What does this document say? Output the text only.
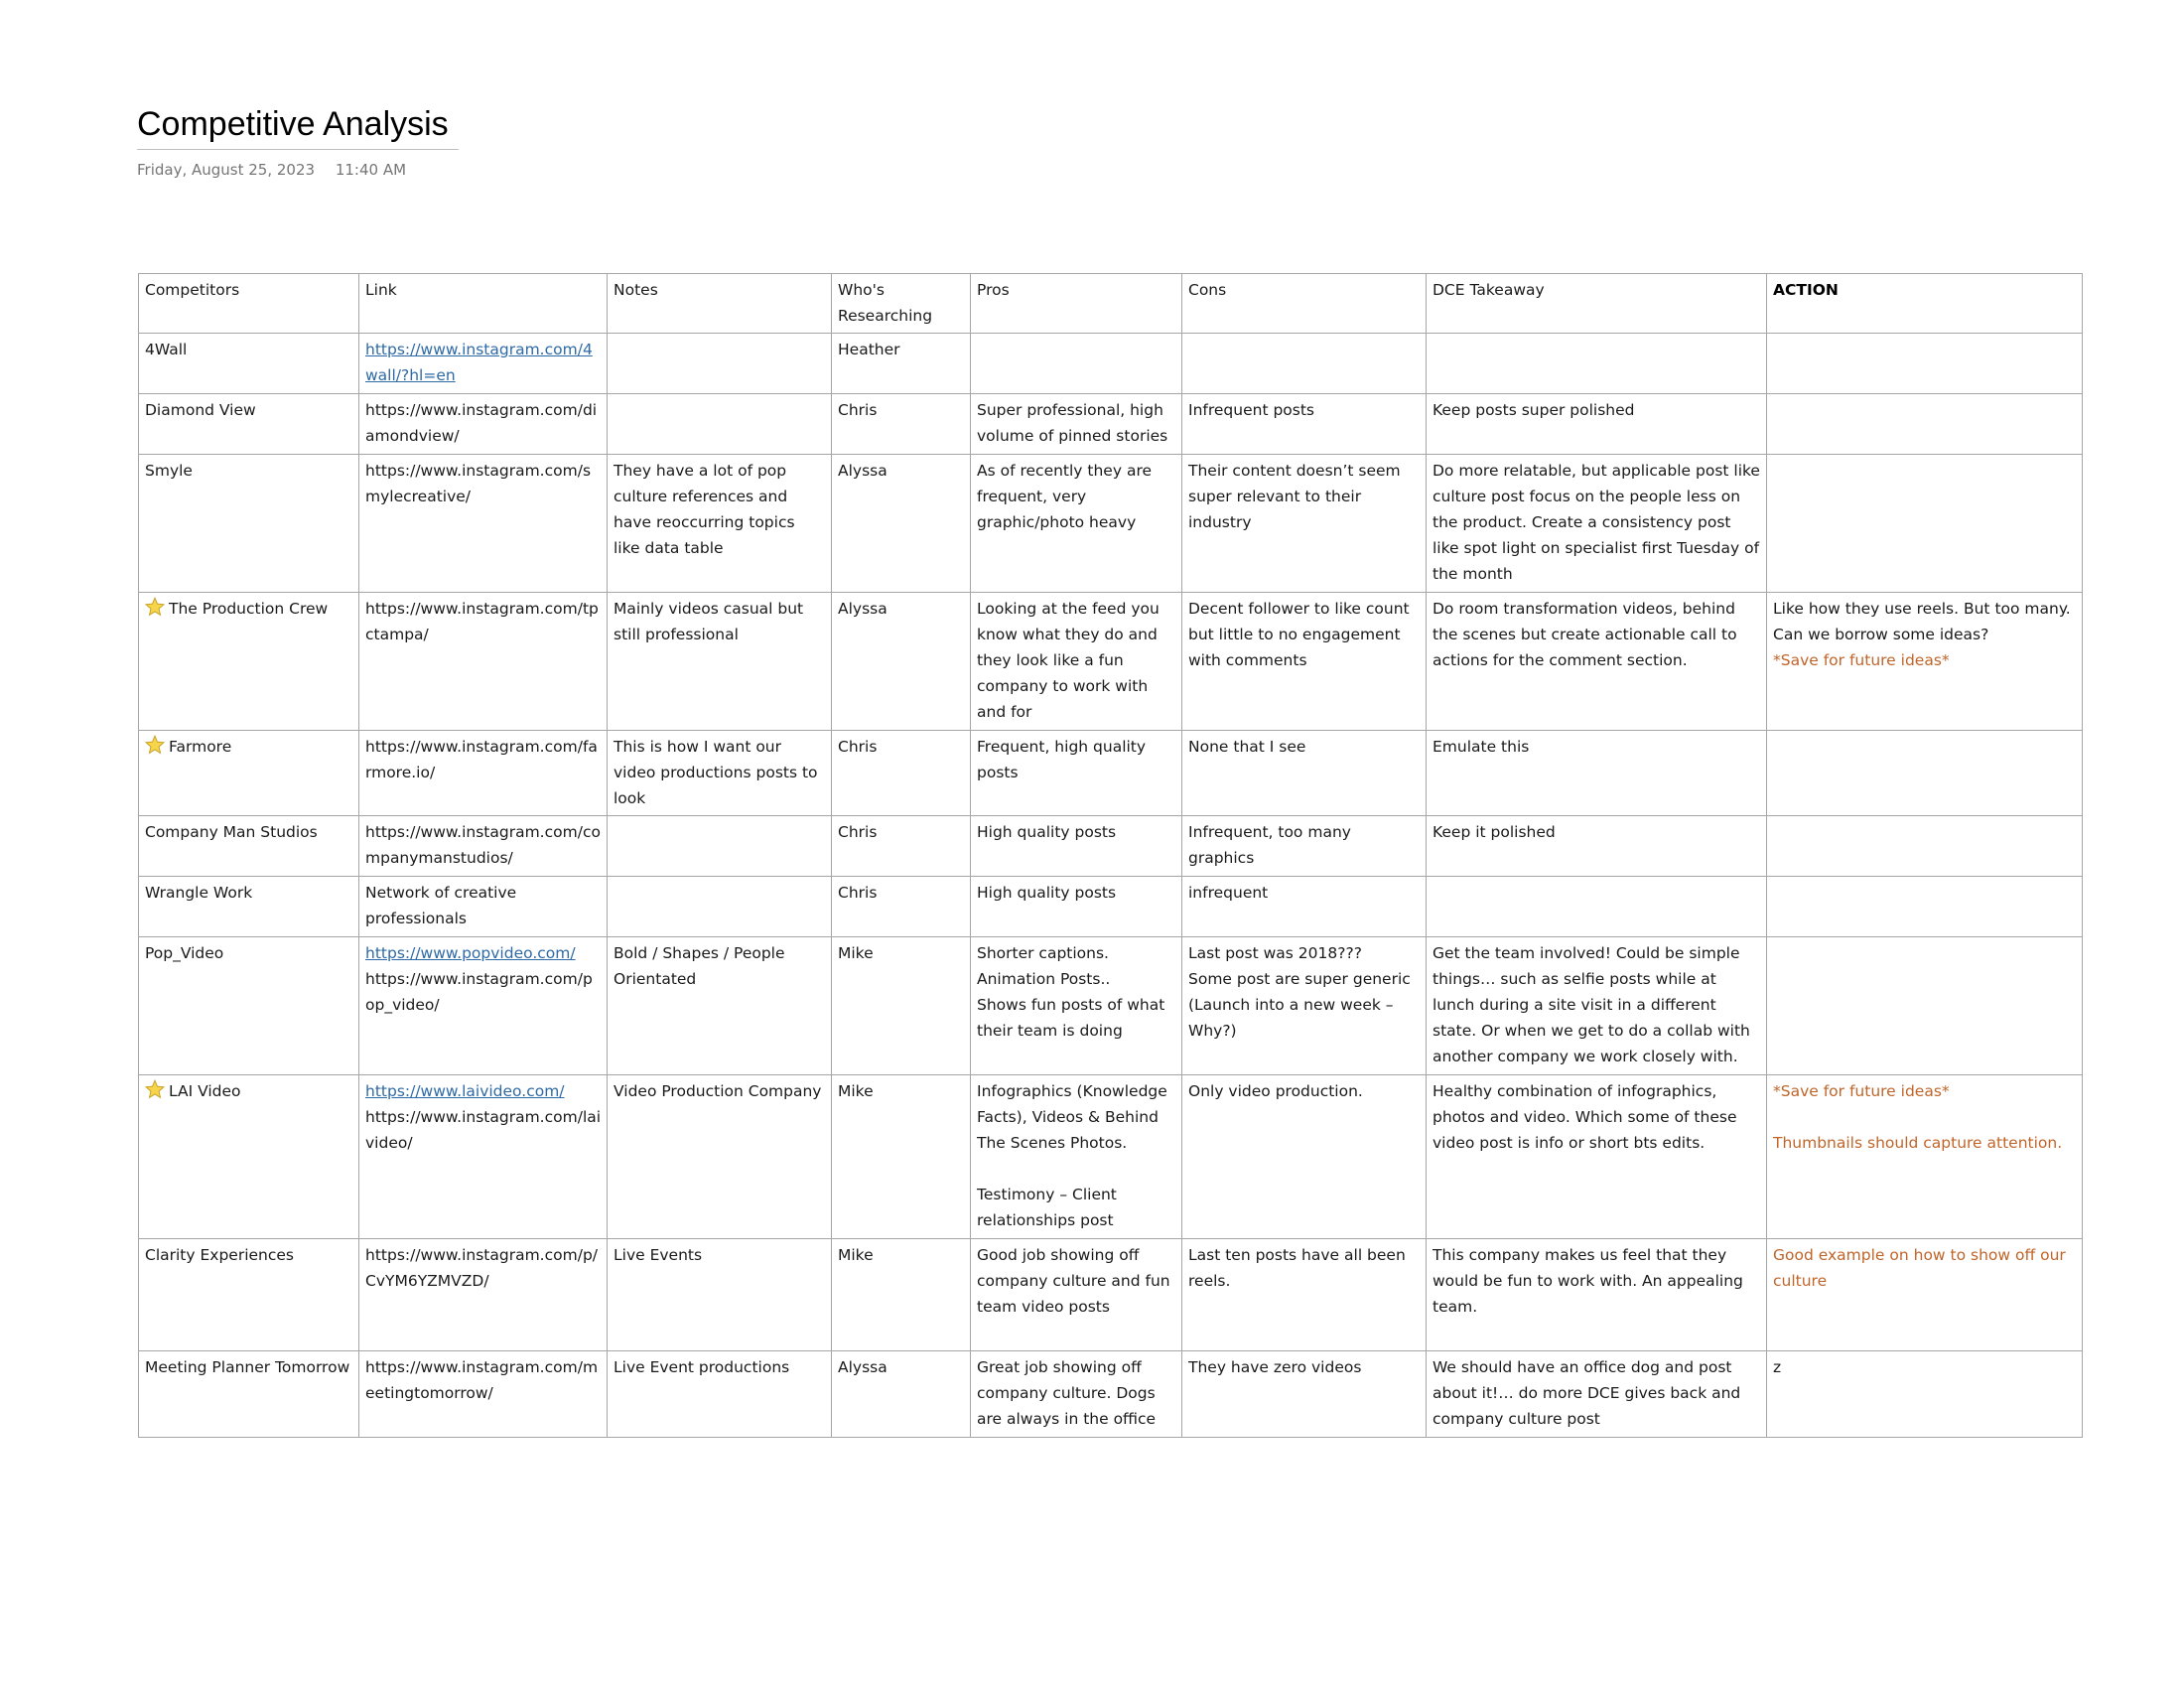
Competitive Analysis
Friday, August 25, 2023 11:40 AM
Competitors	Link	Notes	Who's Researching	Pros	Cons	DCE Takeaway	ACTION
4Wall	https://www.instagram.com/4wall/?hl=en		Heather				
Diamond View	https://www.instagram.com/diamondview/		Chris	Super professional, high volume of pinned stories	Infrequent posts	Keep posts super polished	
Smyle	https://www.instagram.com/smylecreative/	They have a lot of pop culture references and have reoccurring topics like data table	Alyssa	As of recently they are frequent, very graphic/photo heavy	Their content doesn’t seem super relevant to their industry	Do more relatable, but applicable post like culture post focus on the people less on the product. Create a consistency post like spot light on specialist first Tuesday of the month	

The Production Crew	https://www.instagram.com/tpctampa/	Mainly videos casual but still professional	Alyssa	Looking at the feed you know what they do and they look like a fun company to work with and for	Decent follower to like count but little to no engagement with comments	Do room transformation videos, behind the scenes but create actionable call to actions for the comment section.	Like how they use reels. But too many. Can we borrow some ideas?
*Save for future ideas*

Farmore	https://www.instagram.com/farmore.io/	This is how I want our video productions posts to look	Chris	Frequent, high quality posts	None that I see	Emulate this	
Company Man Studios	https://www.instagram.com/companymanstudios/		Chris	High quality posts	Infrequent, too many graphics	Keep it polished	
Wrangle Work	Network of creative professionals		Chris	High quality posts	infrequent		
Pop_Video	https://www.popvideo.com/
https://www.instagram.com/pop_video/	Bold / Shapes / People Orientated	Mike	Shorter captions.
Animation Posts..
Shows fun posts of what their team is doing	Last post was 2018???
Some post are super generic (Launch into a new week – Why?)	Get the team involved! Could be simple things… such as selfie posts while at lunch during a site visit in a different state. Or when we get to do a collab with another company we work closely with.	

LAI Video	https://www.laivideo.com/
https://www.instagram.com/laivideo/	Video Production Company	Mike	Infographics (Knowledge Facts), Videos & Behind The Scenes Photos.
Testimony – Client relationships post	Only video production.	Healthy combination of infographics, photos and video. Which some of these video post is info or short bts edits.	*Save for future ideas*
Thumbnails should capture attention.

Clarity Experiences	https://www.instagram.com/p/CvYM6YZMVZD/	Live Events	Mike	Good job showing off company culture and fun team video posts	Last ten posts have all been reels.	This company makes us feel that they would be fun to work with. An appealing team.	Good example on how to show off our culture

Meeting Planner Tomorrow	https://www.instagram.com/meetingtomorrow/	Live Event productions	Alyssa	Great job showing off company culture. Dogs are always in the office	They have zero videos	We should have an office dog and post about it!… do more DCE gives back and company culture post	z
